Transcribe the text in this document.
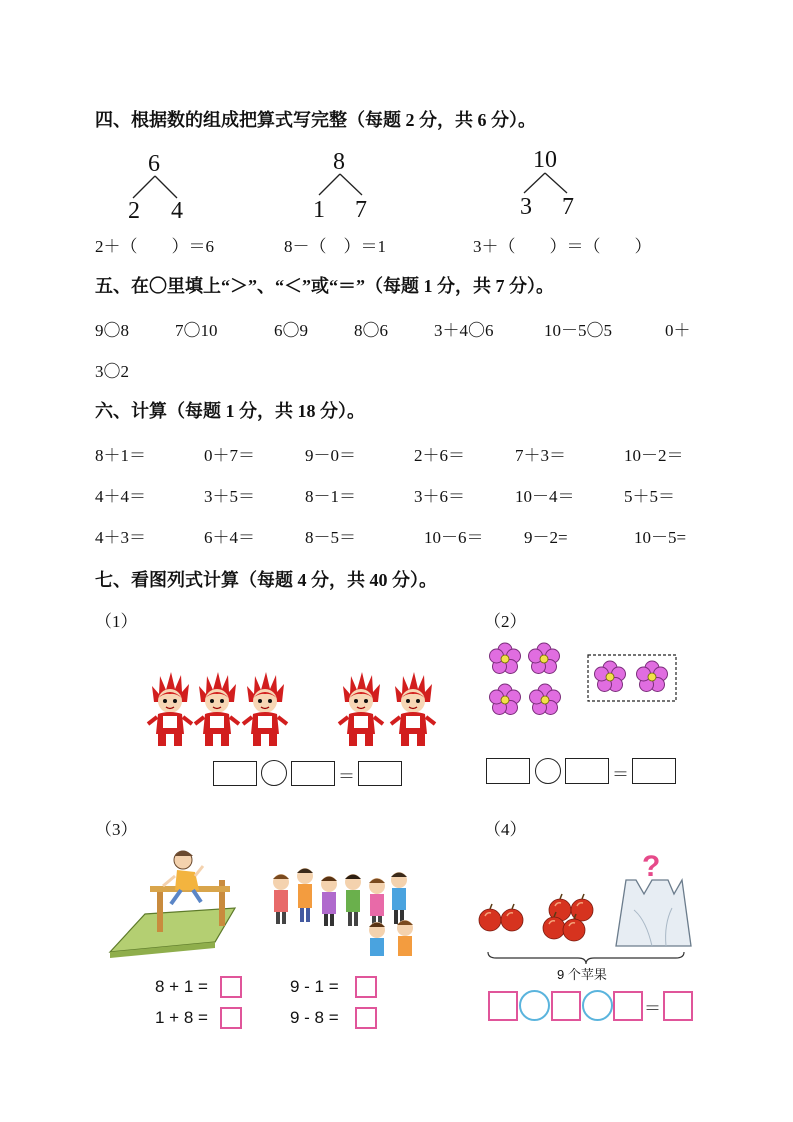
四、根据数的组成把算式写完整（每题 2 分，共 6 分）。
6
2 4
8
1 7
10
3 7
2＋（　　）＝6	8－（　）＝1	3＋（　　）＝（　　）
五、在〇里填上“＞”、“＜”或“＝”（每题 1 分，共 7 分）。
9〇8	7〇10	6〇9	8〇6	3＋4〇6	10－5〇5	0＋
3〇2
六、计算（每题 1 分，共 18 分）。
8＋1＝	0＋7＝	9－0＝	2＋6＝	7＋3＝	10－2＝
4＋4＝	3＋5＝	8－1＝	3＋6＝	10－4＝	5＋5＝
4＋3＝	6＋4＝	8－5＝	10－6＝ 9－2=	10－5=
七、看图列式计算（每题 4 分，共 40 分）。
（1）
＝
（2）
＝
（3）
8 + 1 =	9 - 1 =
1 + 8 =	9 - 8 =
（4）
?
9 个苹果
＝
